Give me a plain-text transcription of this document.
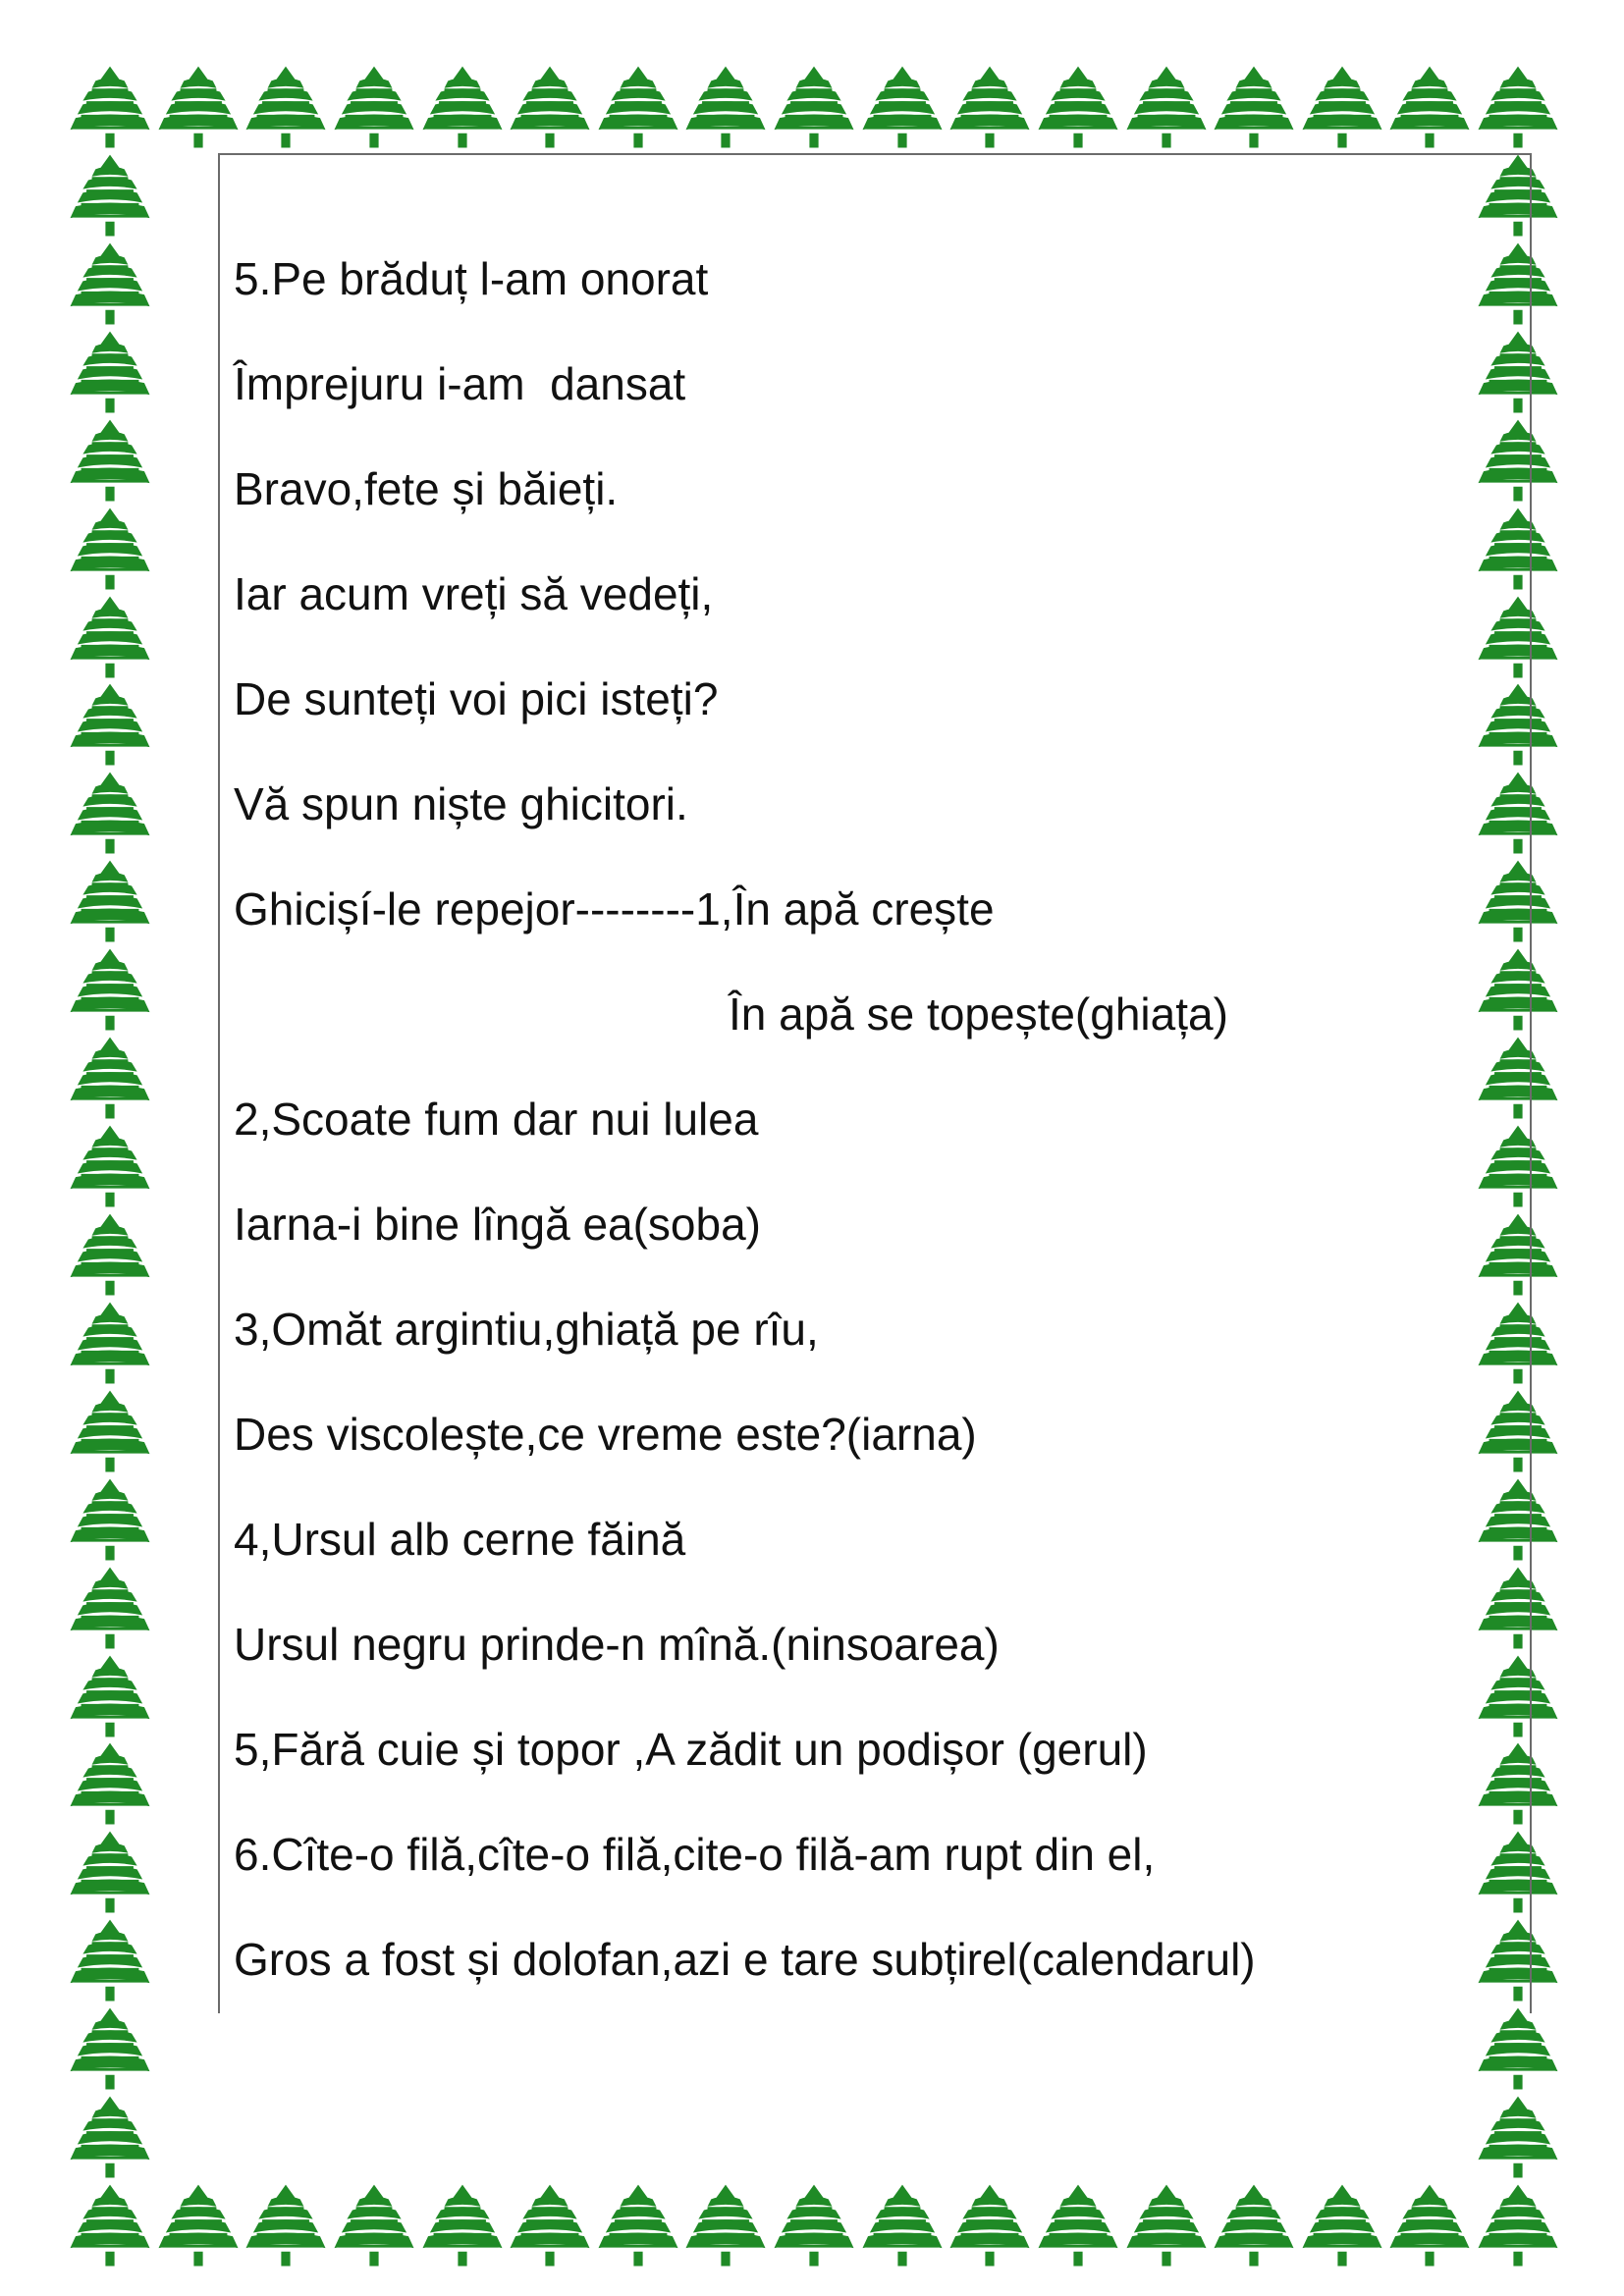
5.Pe brăduț l-am onorat
Împrejuru i-am  dansat
Bravo,fete și băieți.
Iar acum vreți să vedeți,
De sunteți voi pici isteți?
Vă spun niște ghicitori.
Ghicișí-le repejor--------1,În apă crește
În apă se topește(ghiața)
2,Scoate fum dar nui lulea
Iarna-i bine lîngă ea(soba)
3,Omăt argintiu,ghiață pe rîu,
Des viscolește,ce vreme este?(iarna)
4,Ursul alb cerne făină
Ursul negru prinde-n mînă.(ninsoarea)
5,Fără cuie și topor ,A zădit un podișor (gerul)
6.Cîte-o filă,cîte-o filă,cite-o filă-am rupt din el,
Gros a fost și dolofan,azi e tare subțirel(calendarul)
